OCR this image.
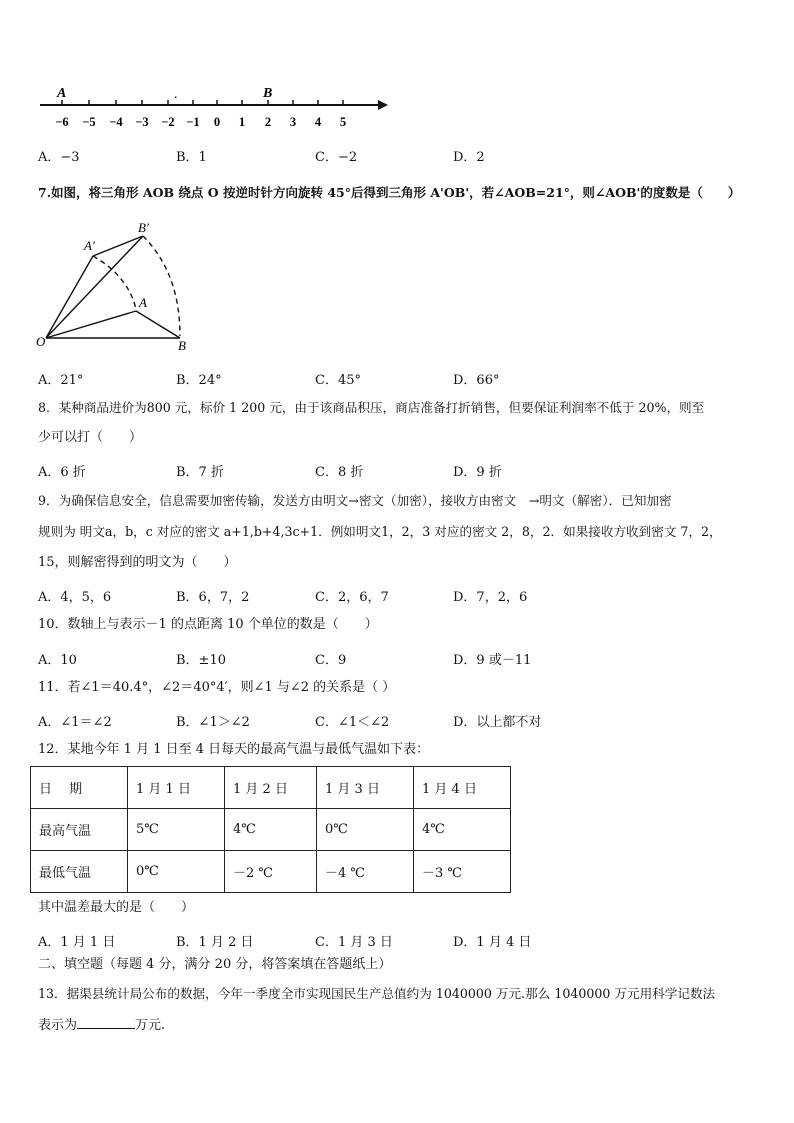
A	.	B
−6 −5 −4 −3 −2 −1 0 1 2 3 4 5
A．−3	B．1	C．−2	D．2
7.如图，将三角形 AOB 绕点 O 按逆时针方向旋转 45°后得到三角形 A'OB'，若∠AOB=21°，则∠AOB'的度数是（　　）
A′
B′
A
O	B
A．21°	B．24°	C．45°	D．66°
8．某种商品进价为800 元，标价 1 200 元，由于该商品积压，商店准备打折销售，但要保证利润率不低于 20%，则至
少可以打（　　）
A．6 折	B．7 折	C．8 折	D．9 折
9．为确保信息安全，信息需要加密传输，发送方由明文→密文（加密），接收方由密文　→明文（解密）．已知加密
规则为 明文a，b，c 对应的密文 a+1,b+4,3c+1．例如明文1，2，3 对应的密文 2，8，2．如果接收方收到密文 7，2，
15，则解密得到的明文为（　　）
A．4，5，6	B．6，7，2	C．2，6，7	D．7，2，6
10．数轴上与表示－1 的点距离 10 个单位的数是（　　）
A．10	B．±10	C．9	D．9 或－11
11．若∠1＝40.4°，∠2＝40°4′，则∠1 与∠2 的关系是（ ）
A．∠1＝∠2	B．∠1＞∠2	C．∠1＜∠2	D．以上都不对
12．某地今年 1 月 1 日至 4 日每天的最高气温与最低气温如下表：
日　 期	1 月 1 日	1 月 2 日	1 月 3 日	1 月 4 日
最高气温	5℃	4℃	0℃	4℃
最低气温	0℃	－2 ℃	－4 ℃	－3 ℃
其中温差最大的是（　　）
A．1 月 1 日	B．1 月 2 日	C．1 月 3 日	D．1 月 4 日
二、填空题（每题 4 分，满分 20 分，将答案填在答题纸上）
13．据渠县统计局公布的数据，今年一季度全市实现国民生产总值约为 1040000 万元.那么 1040000 万元用科学记数法
表示为	万元.
